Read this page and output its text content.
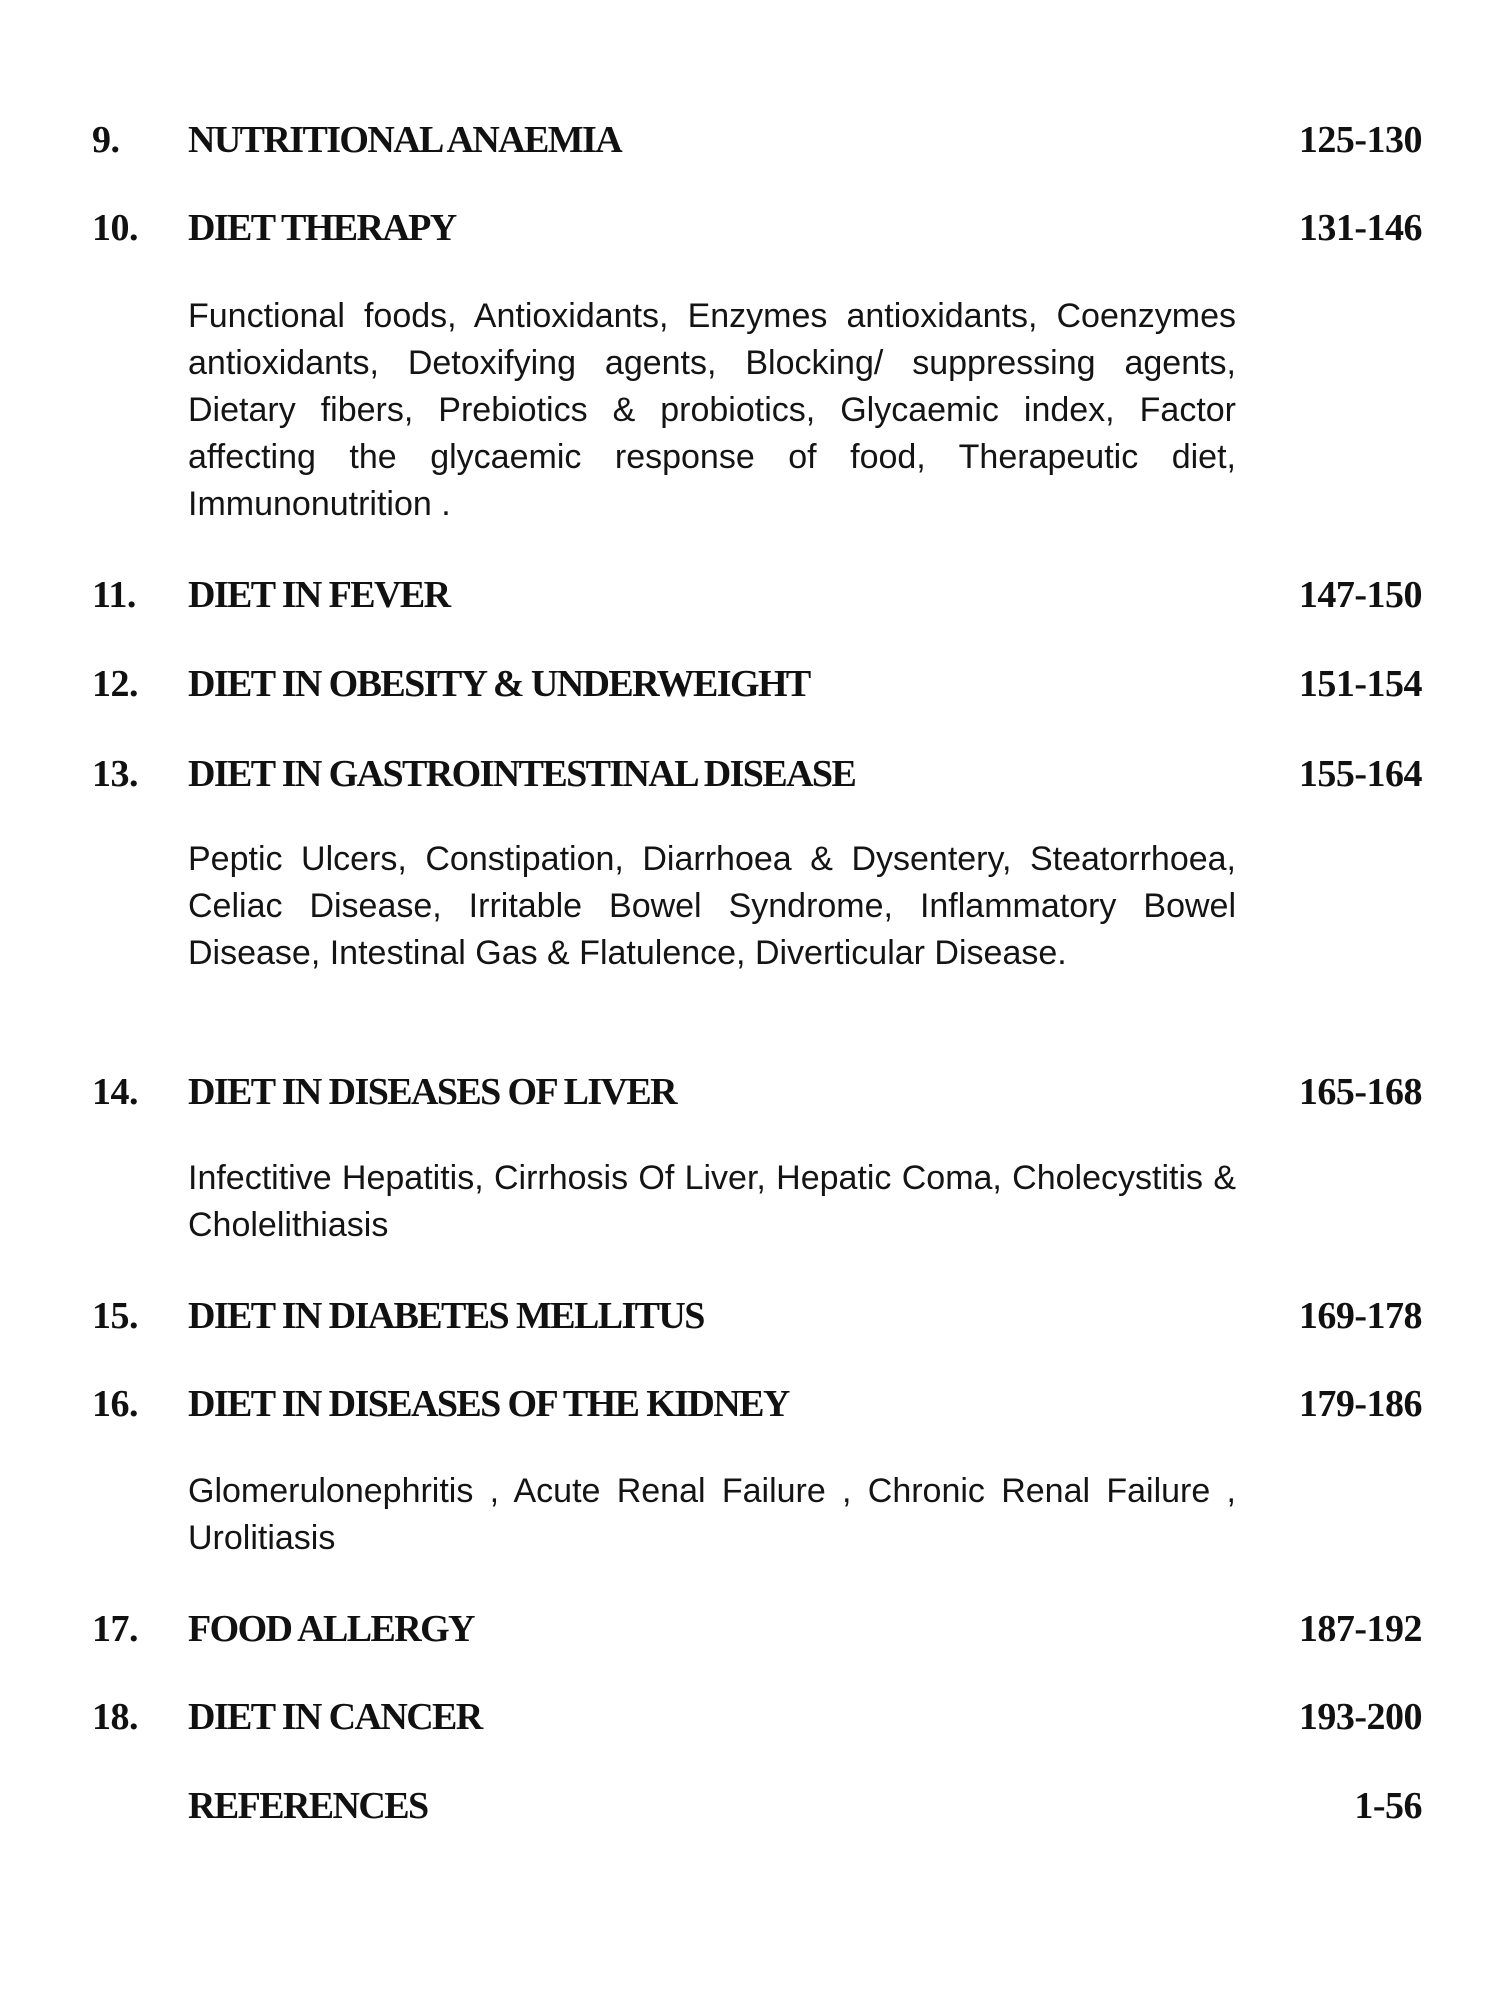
9. NUTRITIONAL ANAEMIA	125-130
10. DIET THERAPY	131-146
Functional foods, Antioxidants, Enzymes antioxidants, Coenzymes antioxidants, Detoxifying agents, Blocking/ suppressing agents, Dietary fibers, Prebiotics & probiotics, Glycaemic index, Factor affecting the glycaemic response of food, Therapeutic diet, Immunonutrition .
11. DIET IN FEVER	147-150
12. DIET IN OBESITY & UNDERWEIGHT	151-154
13. DIET IN GASTROINTESTINAL DISEASE	155-164
Peptic Ulcers, Constipation, Diarrhoea & Dysentery, Steatorrhoea, Celiac Disease, Irritable Bowel Syndrome, Inflammatory Bowel Disease, Intestinal Gas & Flatulence, Diverticular Disease.
14. DIET IN DISEASES OF LIVER	165-168
Infectitive Hepatitis, Cirrhosis Of Liver, Hepatic Coma, Cholecystitis & Cholelithiasis
15. DIET IN DIABETES MELLITUS	169-178
16. DIET IN DISEASES OF THE KIDNEY	179-186
Glomerulonephritis , Acute Renal Failure , Chronic Renal Failure , Urolitiasis
17. FOOD ALLERGY	187-192
18. DIET IN CANCER	193-200
REFERENCES	1-56
